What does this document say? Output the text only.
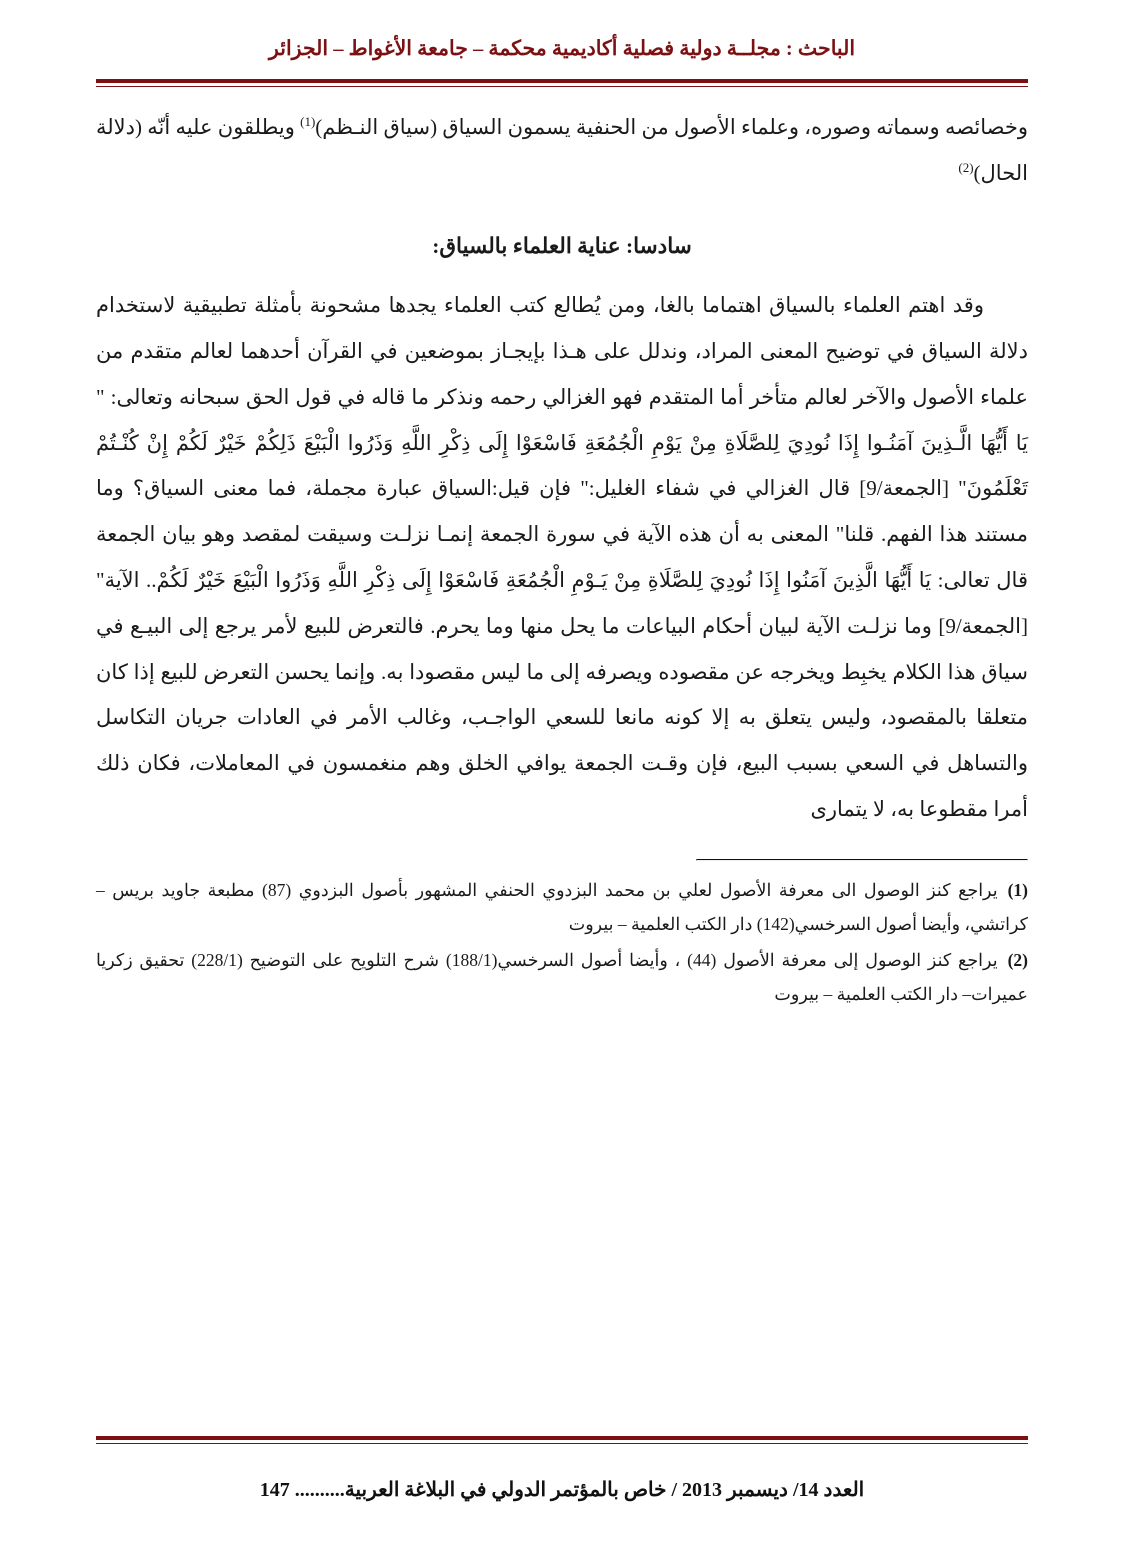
الباحث : مجلــة دولية فصلية أكاديمية محكمة – جامعة الأغواط – الجزائر

وخصائصه وسماته وصوره، وعلماء الأصول من الحنفية يسمون السياق (سياق النـظم)$^{(1)}$ ويطلقون عليه أنّه (دلالة الحال)$^{(2)}$

سادسا: عناية العلماء بالسياق:

وقد اهتم العلماء بالسياق اهتماما بالغا، ومن يُطالع كتب العلماء يجدها مشحونة بأمثلة تطبيقية لاستخدام دلالة السياق في توضيح المعنى المراد، وندلل على هـذا بإيجـاز بموضعين في القرآن أحدهما لعالم متقدم من علماء الأصول والآخر لعالم متأخر أما المتقدم فهو الغزالي رحمه ونذكر ما قاله في قول الحق سبحانه وتعالى: " يَا أَيُّهَا الَّـذِينَ آمَنُـوا إِذَا نُودِيَ لِلصَّلَاةِ مِنْ يَوْمِ الْجُمُعَةِ فَاسْعَوْا إِلَى ذِكْرِ اللَّهِ وَذَرُوا الْبَيْعَ ذَلِكُمْ خَيْرٌ لَكُمْ إِنْ كُنْـتُمْ تَعْلَمُونَ" [الجمعة/9] قال الغزالي في شفاء الغليل:" فإن قيل:السياق عبارة مجملة، فما معنى السياق؟ وما مستند هذا الفهم. قلنا" المعنى به أن هذه الآية في سورة الجمعة إنمـا نزلـت وسيقت لمقصد وهو بيان الجمعة قال تعالى: يَا أَيُّهَا الَّذِينَ آمَنُوا إِذَا نُودِيَ لِلصَّلَاةِ مِنْ يَـوْمِ الْجُمُعَةِ فَاسْعَوْا إِلَى ذِكْرِ اللَّهِ وَذَرُوا الْبَيْعَ خَيْرٌ لَكُمْ.. الآية"[الجمعة/9] وما نزلـت الآية لبيان أحكام البياعات ما يحل منها وما يحرم. فالتعرض للبيع لأمر يرجع إلى البيـع في سياق هذا الكلام يخبِط ويخرجه عن مقصوده ويصرفه إلى ما ليس مقصودا به. وإنما يحسن التعرض للبيع إذا كان متعلقا بالمقصود، وليس يتعلق به إلا كونه مانعا للسعي الواجـب، وغالب الأمر في العادات جريان التكاسل والتساهل في السعي بسبب البيع، فإن وقـت الجمعة يوافي الخلق وهم منغمسون في المعاملات، فكان ذلك أمرا مقطوعا به، لا يتمارى

(1)يراجع كنز الوصول الى معرفة الأصول لعلي بن محمد البزدوي الحنفي المشهور بأصول البزدوي (87) مطبعة جاويد بريس – كراتشي، وأيضا أصول السرخسي(142) دار الكتب العلمية – بيروت
(2)يراجع كنز الوصول إلى معرفة الأصول (44) ، وأيضا أصول السرخسي(188/1) شرح التلويح على التوضيح (228/1) تحقيق زكريا عميرات– دار الكتب العلمية – بيروت
العدد 14/ ديسمبر 2013 / خاص بالمؤتمر الدولي في البلاغة العربية.......... 147
